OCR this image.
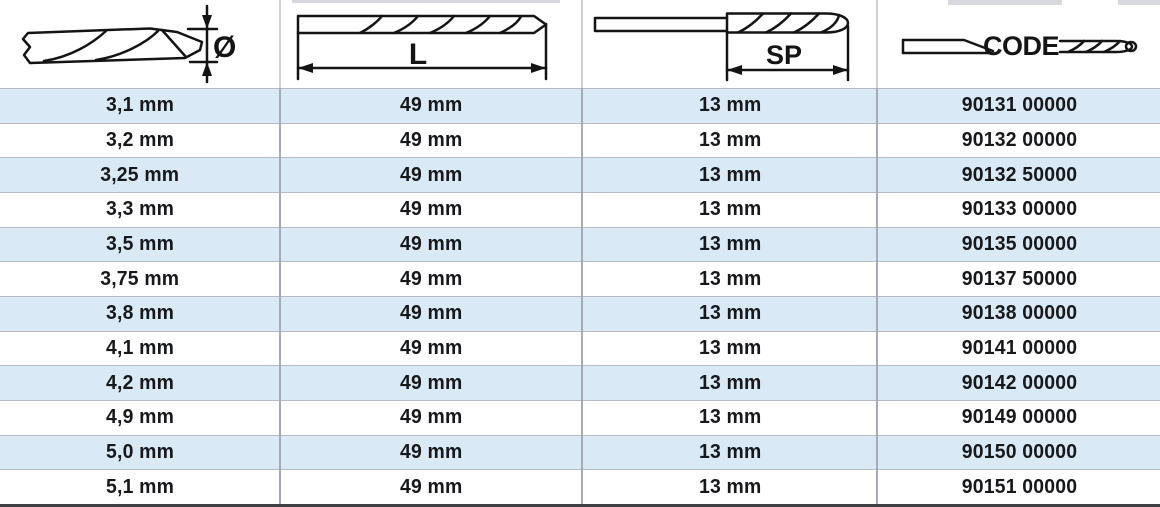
Ø	L	SP	CODE
3,1 mm	49 mm	13 mm	90131 00000
3,2 mm	49 mm	13 mm	90132 00000
3,25 mm	49 mm	13 mm	90132 50000
3,3 mm	49 mm	13 mm	90133 00000
3,5 mm	49 mm	13 mm	90135 00000
3,75 mm	49 mm	13 mm	90137 50000
3,8 mm	49 mm	13 mm	90138 00000
4,1 mm	49 mm	13 mm	90141 00000
4,2 mm	49 mm	13 mm	90142 00000
4,9 mm	49 mm	13 mm	90149 00000
5,0 mm	49 mm	13 mm	90150 00000
5,1 mm	49 mm	13 mm	90151 00000
